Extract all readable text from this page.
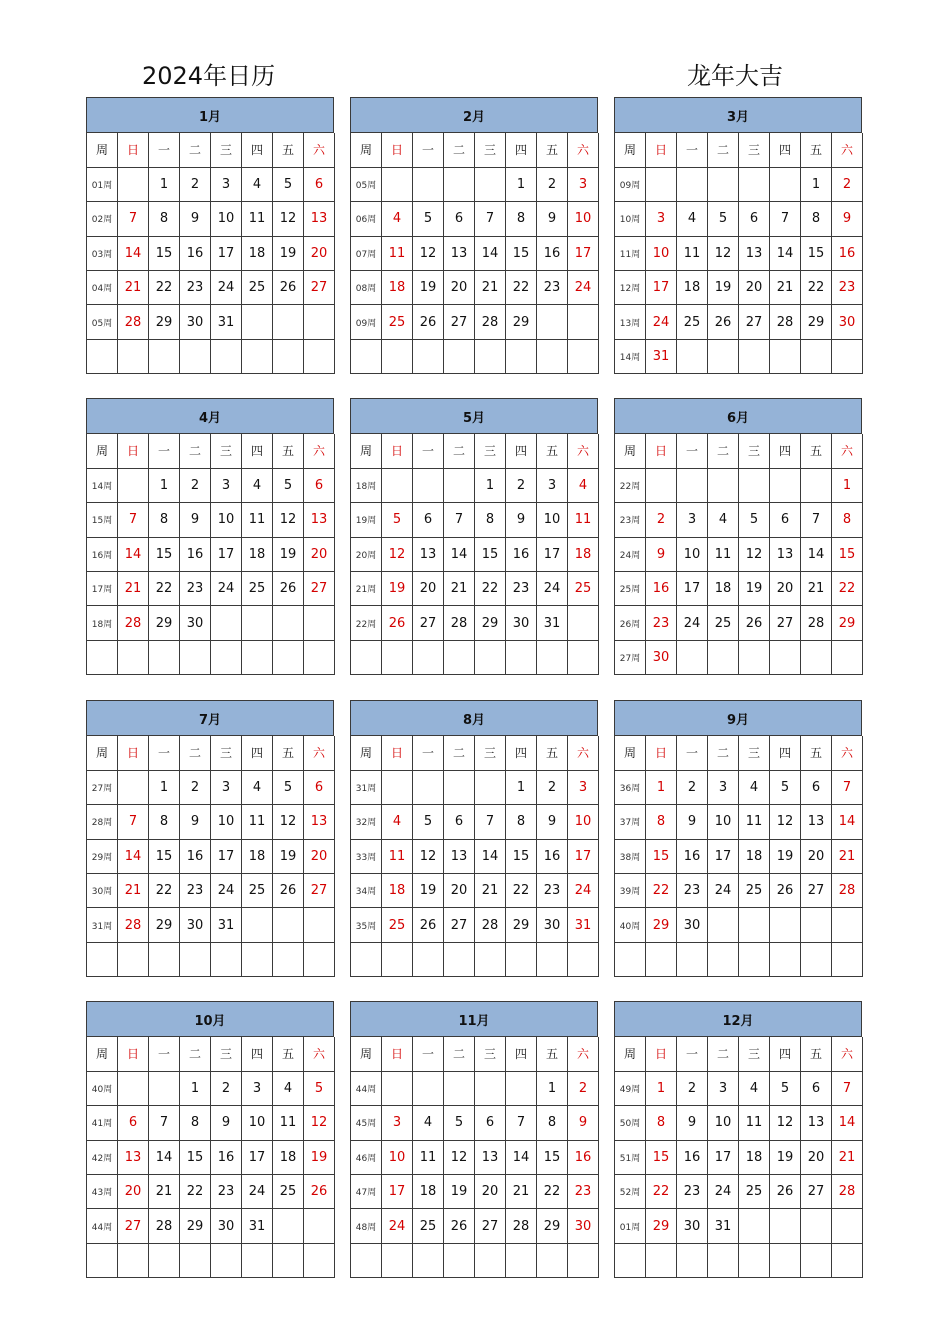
2024年日历	龙年大吉
1月
周	日	一	二	三	四	五	六
01周		1	2	3	4	5	6
02周	7	8	9	10	11	12	13
03周	14	15	16	17	18	19	20
04周	21	22	23	24	25	26	27
05周	28	29	30	31			

2月
周	日	一	二	三	四	五	六
05周					1	2	3
06周	4	5	6	7	8	9	10
07周	11	12	13	14	15	16	17
08周	18	19	20	21	22	23	24
09周	25	26	27	28	29		

3月
周	日	一	二	三	四	五	六
09周						1	2
10周	3	4	5	6	7	8	9
11周	10	11	12	13	14	15	16
12周	17	18	19	20	21	22	23
13周	24	25	26	27	28	29	30
14周	31						
4月
周	日	一	二	三	四	五	六
14周		1	2	3	4	5	6
15周	7	8	9	10	11	12	13
16周	14	15	16	17	18	19	20
17周	21	22	23	24	25	26	27
18周	28	29	30				

5月
周	日	一	二	三	四	五	六
18周				1	2	3	4
19周	5	6	7	8	9	10	11
20周	12	13	14	15	16	17	18
21周	19	20	21	22	23	24	25
22周	26	27	28	29	30	31	

6月
周	日	一	二	三	四	五	六
22周							1
23周	2	3	4	5	6	7	8
24周	9	10	11	12	13	14	15
25周	16	17	18	19	20	21	22
26周	23	24	25	26	27	28	29
27周	30						
7月
周	日	一	二	三	四	五	六
27周		1	2	3	4	5	6
28周	7	8	9	10	11	12	13
29周	14	15	16	17	18	19	20
30周	21	22	23	24	25	26	27
31周	28	29	30	31			

8月
周	日	一	二	三	四	五	六
31周					1	2	3
32周	4	5	6	7	8	9	10
33周	11	12	13	14	15	16	17
34周	18	19	20	21	22	23	24
35周	25	26	27	28	29	30	31

9月
周	日	一	二	三	四	五	六
36周	1	2	3	4	5	6	7
37周	8	9	10	11	12	13	14
38周	15	16	17	18	19	20	21
39周	22	23	24	25	26	27	28
40周	29	30					

10月
周	日	一	二	三	四	五	六
40周			1	2	3	4	5
41周	6	7	8	9	10	11	12
42周	13	14	15	16	17	18	19
43周	20	21	22	23	24	25	26
44周	27	28	29	30	31		

11月
周	日	一	二	三	四	五	六
44周						1	2
45周	3	4	5	6	7	8	9
46周	10	11	12	13	14	15	16
47周	17	18	19	20	21	22	23
48周	24	25	26	27	28	29	30

12月
周	日	一	二	三	四	五	六
49周	1	2	3	4	5	6	7
50周	8	9	10	11	12	13	14
51周	15	16	17	18	19	20	21
52周	22	23	24	25	26	27	28
01周	29	30	31				
